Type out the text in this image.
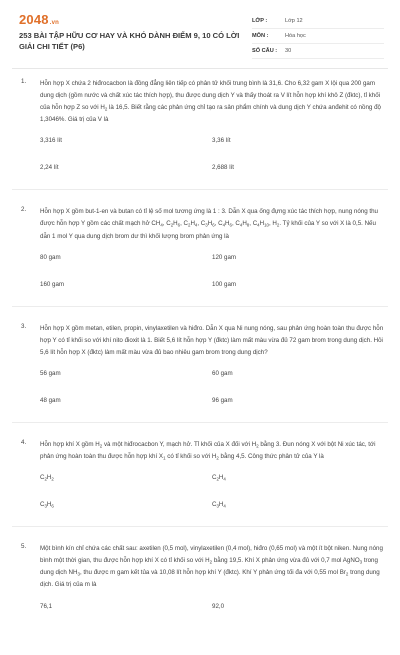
2048.vn
253 BÀI TẬP HỮU CƠ HAY VÀ KHÓ DÀNH ĐIỂM 9, 10 CÓ LỜI GIẢI CHI TIẾT (P6)
LỚP :	Lớp 12
MÔN :	Hóa học
SỐ CÂU :	30
1. Hỗn hợp X chứa 2 hiđrocacbon là đồng đẳng liên tiếp có phân tử khối trung bình là 31,6. Cho 6,32 gam X lội qua 200 gam dung dịch (gồm nước và chất xúc tác thích hợp), thu được dung dịch Y và thấy thoát ra V lít hỗn hợp khí khô Z (đktc), tỉ khối của hỗn hợp Z so với $H_2$ là 16,5. Biết rằng các phản ứng chỉ tạo ra sản phẩm chính và dung dịch Y chứa anđehit có nồng độ 1,3046%. Giá trị của V là
3,316 lít	3,36 lít
2,24 lít	2,688 lít
2. Hỗn hợp X gồm but-1-en và butan có tỉ lệ số mol tương ứng là 1 : 3. Dẫn X qua ống đựng xúc tác thích hợp, nung nóng thu được hỗn hợp Y gồm các chất mạch hở $CH_4$, $C_2H_6$, $C_2H_4$, $C_3H_6$, $C_4H_6$, $C_4H_8$, $C_4H_{10}$, $H_2$. Tỷ khối của Y so với X là 0,5. Nếu dẫn 1 mol Y qua dung dịch brom dư thì khối lượng brom phản ứng là
80 gam	120 gam
160 gam	100 gam
3. Hỗn hợp X gồm metan, etilen, propin, vinylaxetilen và hiđro. Dẫn X qua Ni nung nóng, sau phản ứng hoàn toàn thu được hỗn hợp Y có tỉ khối so với khí nito đioxit là 1. Biết 5,6 lít hỗn hợp Y (đktc) làm mất màu vừa đủ 72 gam brom trong dung dịch. Hỏi 5,6 lít hỗn hợp X (đktc) làm mất màu vừa đủ bao nhiêu gam brom trong dung dịch?
56 gam	60 gam
48 gam	96 gam
4. Hỗn hợp khí X gồm $H_2$ và một hiđrocacbon Y, mạch hở. Tỉ khối của X đối với $H_2$ bằng 3. Đun nóng X với bột Ni xúc tác, tới phản ứng hoàn toàn thu được hỗn hợp khí $X_1$ có tỉ khối so với $H_2$ bằng 4,5. Công thức phân tử của Y là
$C_2H_2$	$C_2H_4$
$C_3H_6$	$C_3H_4$
5. Một bình kín chỉ chứa các chất sau: axetilen (0,5 mol), vinylaxetilen (0,4 mol), hiđro (0,65 mol) và một ít bột niken. Nung nóng bình một thời gian, thu được hỗn hợp khí X có tỉ khối so với $H_2$ bằng 19,5. Khí X phản ứng vừa đủ với 0,7 mol AgNO$_3$ trong dung dịch $NH_3$, thu được m gam kết tủa và 10,08 lít hỗn hợp khí Y (đktc). Khí Y phản ứng tối đa với 0,55 mol $Br_2$ trong dung dịch. Giá trị của m là
76,1	92,0
